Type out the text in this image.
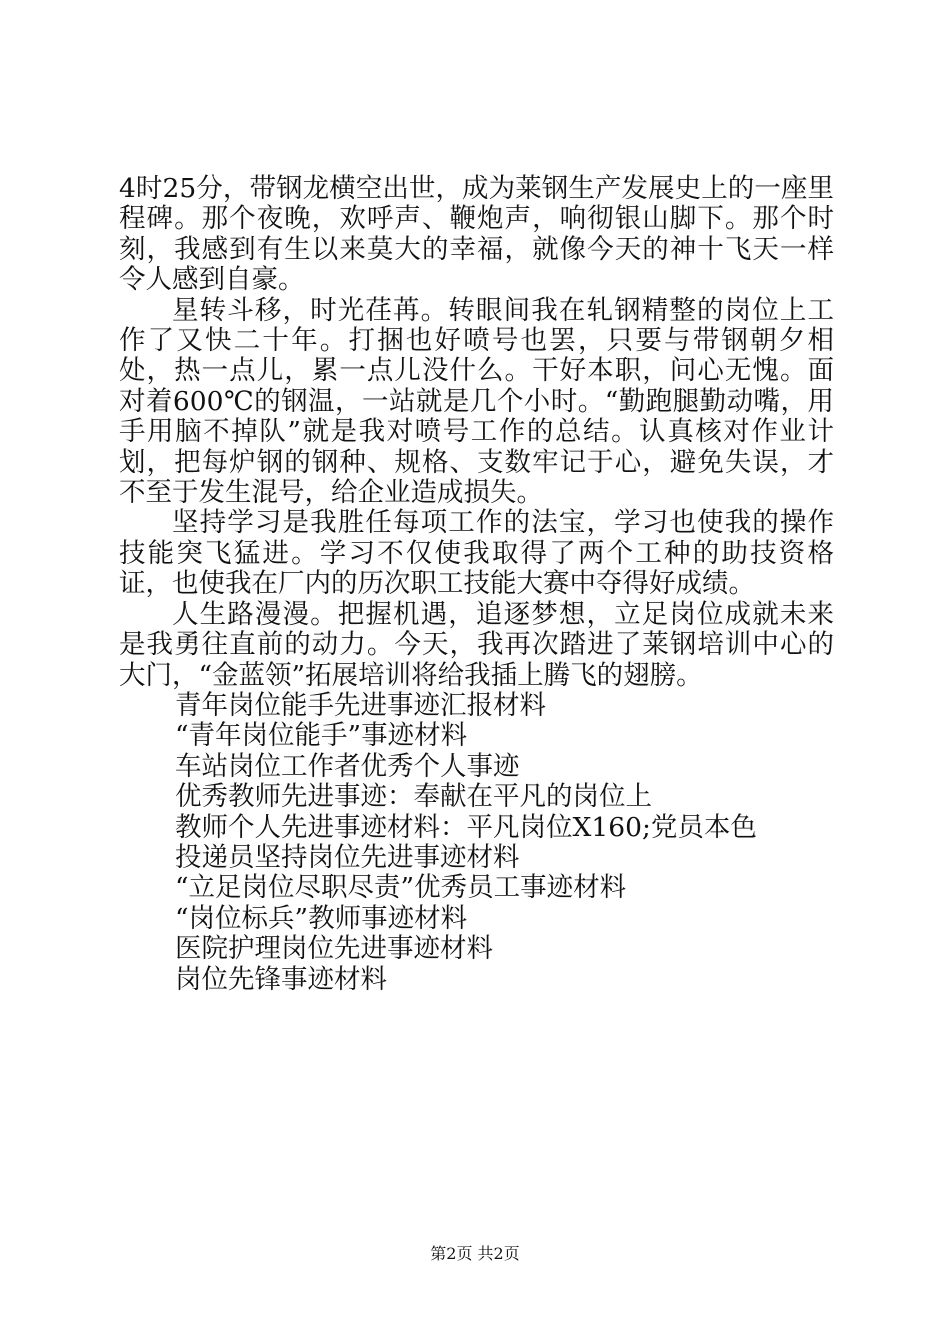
4时25分，带钢龙横空出世，成为莱钢生产发展史上的一座里程碑。那个夜晚，欢呼声、鞭炮声，响彻银山脚下。那个时刻，我感到有生以来莫大的幸福，就像今天的神十飞天一样令人感到自豪。

星转斗移，时光荏苒。转眼间我在轧钢精整的岗位上工作了又快二十年。打捆也好喷号也罢，只要与带钢朝夕相处，热一点儿，累一点儿没什么。干好本职，问心无愧。面对着600℃的钢温，一站就是几个小时。“勤跑腿勤动嘴，用手用脑不掉队”就是我对喷号工作的总结。认真核对作业计划，把每炉钢的钢种、规格、支数牢记于心，避免失误，才不至于发生混号，给企业造成损失。

坚持学习是我胜任每项工作的法宝，学习也使我的操作技能突飞猛进。学习不仅使我取得了两个工种的助技资格证，也使我在厂内的历次职工技能大赛中夺得好成绩。

人生路漫漫。把握机遇，追逐梦想，立足岗位成就未来是我勇往直前的动力。今天，我再次踏进了莱钢培训中心的大门，“金蓝领”拓展培训将给我插上腾飞的翅膀。

青年岗位能手先进事迹汇报材料
“青年岗位能手”事迹材料
车站岗位工作者优秀个人事迹
优秀教师先进事迹：奉献在平凡的岗位上
教师个人先进事迹材料：平凡岗位X160;党员本色
投递员坚持岗位先进事迹材料
“立足岗位尽职尽责”优秀员工事迹材料
“岗位标兵”教师事迹材料
医院护理岗位先进事迹材料
岗位先锋事迹材料
第2页 共2页
